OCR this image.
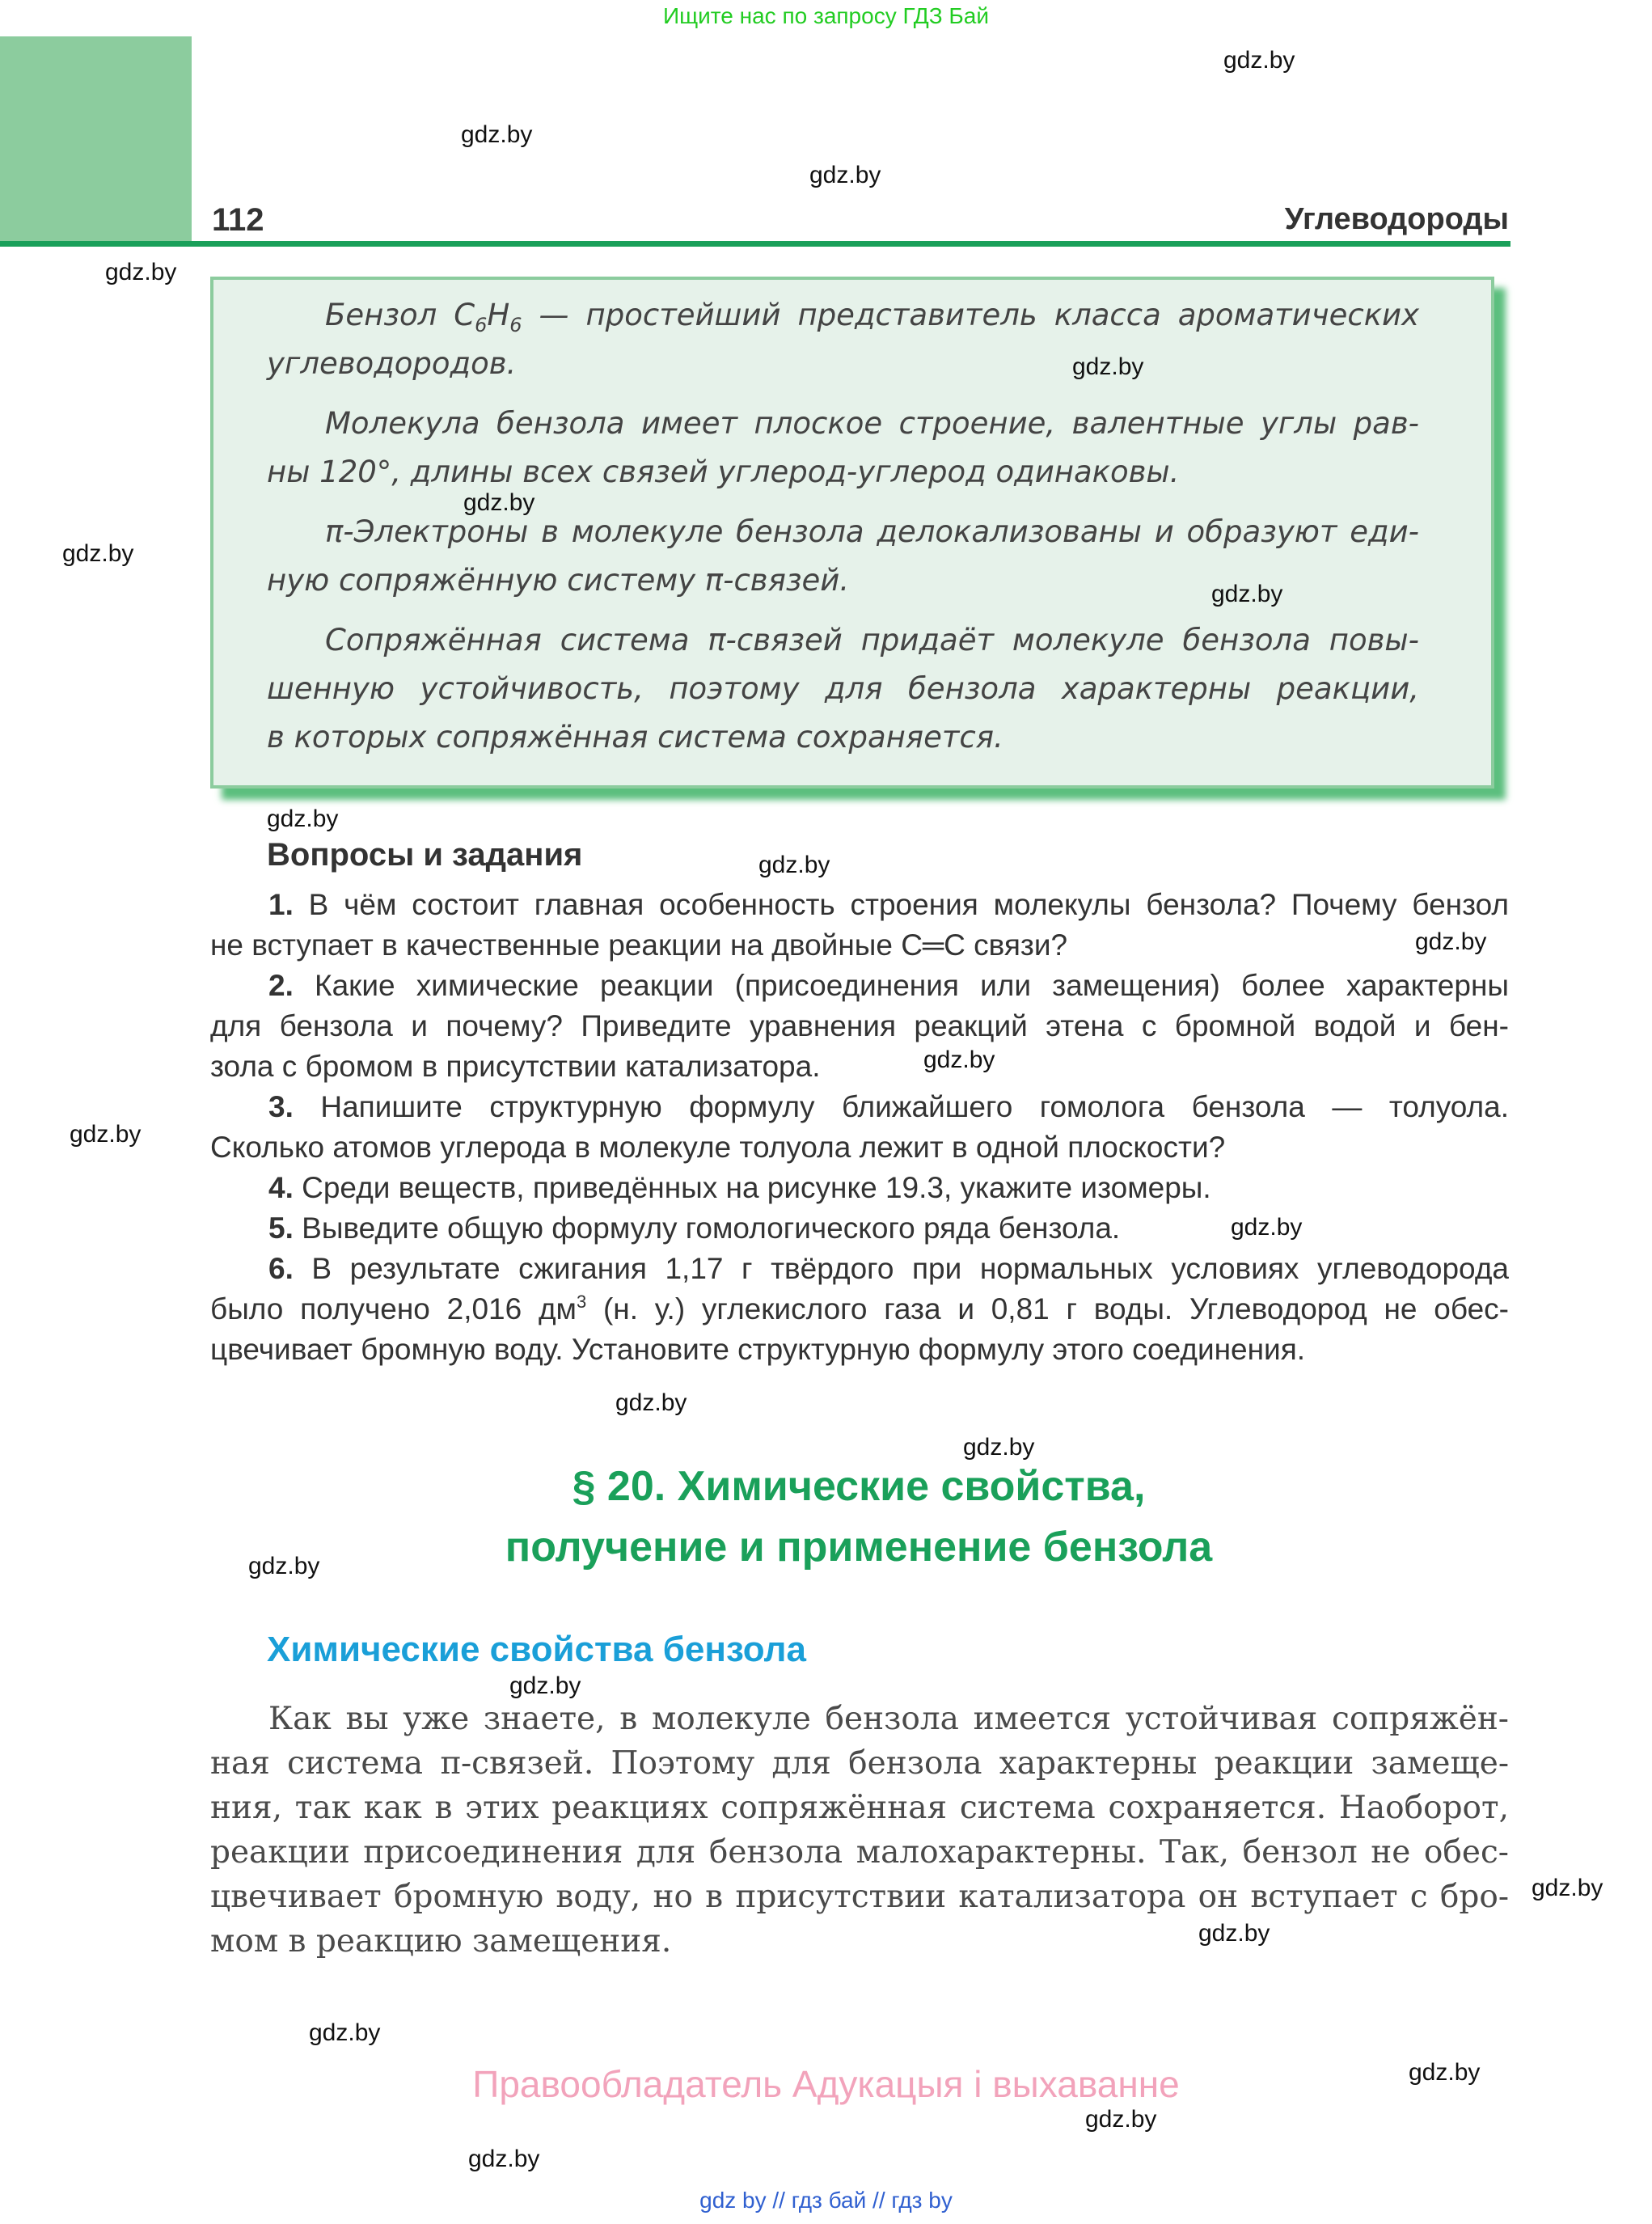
Ищите нас по запросу ГДЗ Бай
112	Углеводороды
Бензол $C_6H_6$ — простейший представитель класса ароматических
углеводородов.
Молекула бензола имеет плоское строение, валентные углы рав-
ны 120°, длины всех связей углерод-углерод одинаковы.
π-Электроны в молекуле бензола делокализованы и образуют еди-
ную сопряжённую систему π-связей.
Сопряжённая система π-связей придаёт молекуле бензола повы-
шенную устойчивость, поэтому для бензола характерны реакции,
в которых сопряжённая система сохраняется.
Вопросы и задания
1. В чём состоит главная особенность строения молекулы бензола? Почему бензол
не вступает в качественные реакции на двойные C═C связи?
2. Какие химические реакции (присоединения или замещения) более характерны
для бензола и почему? Приведите уравнения реакций этена с бромной водой и бен-
зола с бромом в присутствии катализатора.
3. Напишите структурную формулу ближайшего гомолога бензола — толуола.
Сколько атомов углерода в молекуле толуола лежит в одной плоскости?
4. Среди веществ, приведённых на рисунке 19.3, укажите изомеры.
5. Выведите общую формулу гомологического ряда бензола.
6. В результате сжигания 1,17 г твёрдого при нормальных условиях углеводорода
было получено 2,016 $дм^3$ (н. у.) углекислого газа и 0,81 г воды. Углеводород не обес-
цвечивает бромную воду. Установите структурную формулу этого соединения.
§ 20. Химические свойства,
получение и применение бензола
Химические свойства бензола
Как вы уже знаете, в молекуле бензола имеется устойчивая сопряжён-
ная система π-связей. Поэтому для бензола характерны реакции замеще-
ния, так как в этих реакциях сопряжённая система сохраняется. Наоборот,
реакции присоединения для бензола малохарактерны. Так, бензол не обес-
цвечивает бромную воду, но в присутствии катализатора он вступает с бро-
мом в реакцию замещения.
Правообладатель Адукацыя і выхаванне
gdz by // гдз бай // гдз by
gdz.by
gdz.by
gdz.by
gdz.by
gdz.by
gdz.by
gdz.by
gdz.by
gdz.by
gdz.by
gdz.by
gdz.by
gdz.by
gdz.by
gdz.by
gdz.by
gdz.by
gdz.by
gdz.by
gdz.by
gdz.by
gdz.by
gdz.by
gdz.by
